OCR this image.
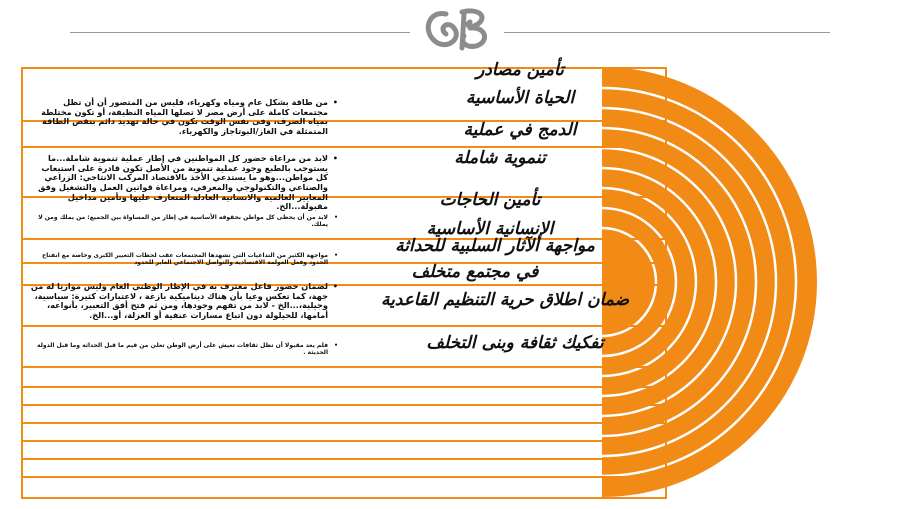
تأمين مصادر
الحياة الأساسية
• من طاقة بشكل عام ومياه وكهرباء، فليس من المتصور أن أن تظل مجتمعات كاملة على أرض مصر لا تصلها المياه النظيفة، أو تكون مختلطة بمياه الصرف، وفى نفس الوقت تكون في حالة تهديد دائم بنقص الطاقة المتمثلة في الغاز/البوتاجاز والكهرباء.	الدمج في عملية
تنموية شاملة
• لابد من مراعاة حضور كل المواطنين في إطار عملية تنموية شاملة...ما يستوجب بالطبع وجود عملية تنموية من الأصل تكون قادرة على استيعاب كل مواطن...وهو ما يستدعي الأخذ بالاقتصاد المركب الانتاجي: الزراعي والصناعي والتكنولوجي والمعرفي، ومراعاة قوانين العمل والتشغيل وفق المعايير العالمية والانسانية العادلة المتعارف عليها وتأمين مداخيل مقبولة...الخ.
• لابد من أن يحظى كل مواطن بحقوقه الأساسية في إطار من المساواة بين الجميع: من يملك ومن لا يملك.
تأمين الحاجات
الإنسانية الأساسية
مواجهة الآثار السلبية للحداثة
في مجتمع متخلف
• مواجهة الكثير من التداعيات التي تشهدها المجتمعات عقب لحظات التغيير الكبرى وخاصة مع انفتاح الحدود وفعل العولمة الاقتصادية والتواصل الاجتماعي العابر للحدود
ضمان اطلاق حرية التنظيم القاعدية
• لضمان حضور فاعل معترف به في الإطار الوطني العام وليس موازيا له من جهة، كما تعكس وعيا بأن هناك ديناميكية بازغة ، لاعتبارات كثيرة: سياسية، وجيلية،...الخ - لابد من تفهم وجودها، ومن ثم فتح أفق التعبير، بأنواعه، أمامها، للحيلولة دون اتباع مسارات عنفية أو العزلة، أو...الخ.
تفكيك ثقافة وبنى التخلف
• فلم يعد مقبولا أن تظل ثقافات تعيش على أرض الوطن تعلي من قيم ما قبل الحداثة وما قبل الدولة الحديثة .
